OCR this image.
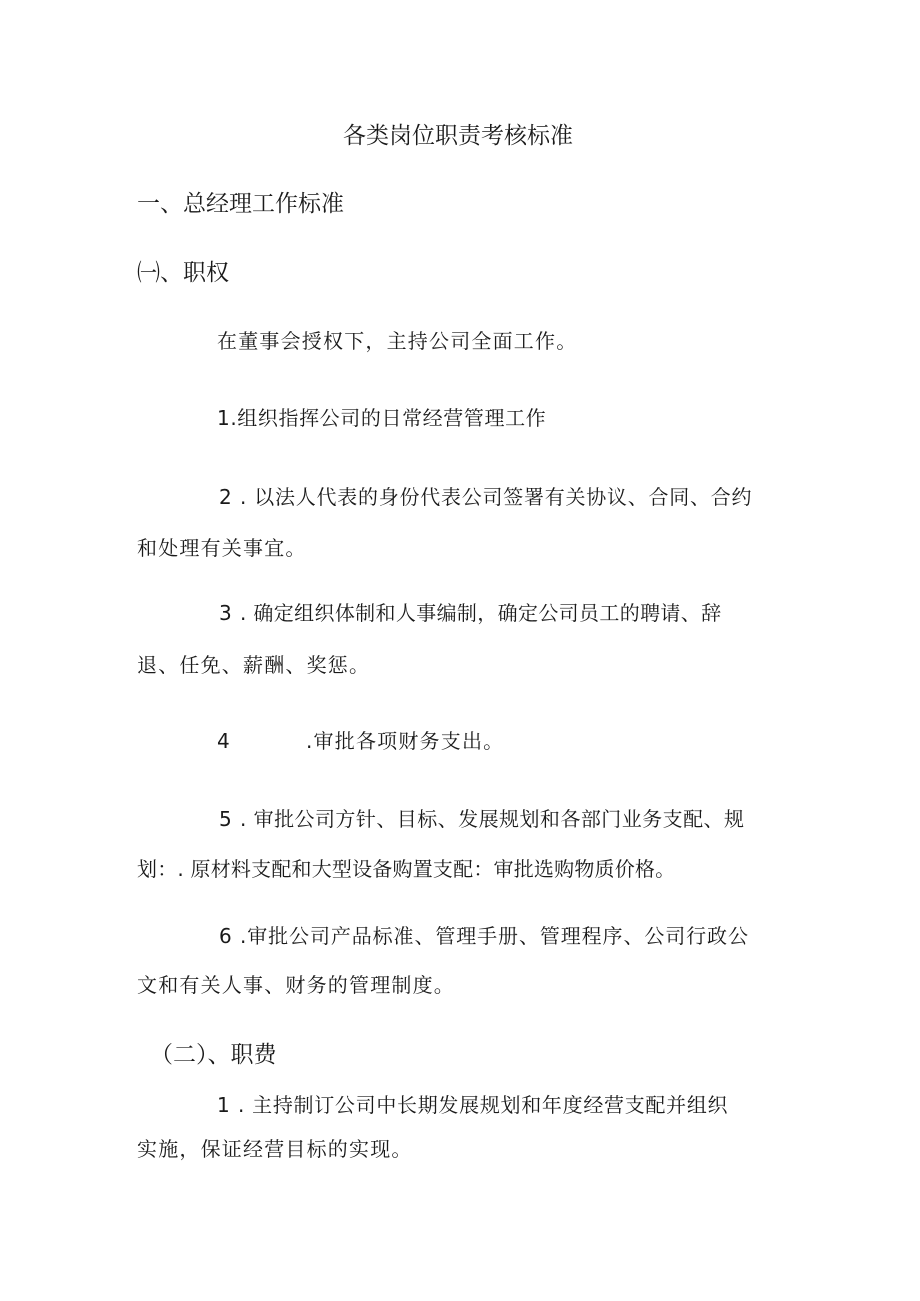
各类岗位职责考核标准
一、总经理工作标准
㈠、职权
在董事会授权下，主持公司全面工作。
1.组织指挥公司的日常经营管理工作
2 . 以法人代表的身份代表公司签署有关协议、合同、合约
和处理有关事宜。
3 . 确定组织体制和人事编制，确定公司员工的聘请、辞
退、任免、薪酬、奖惩。
4	.审批各项财务支出。
5 . 审批公司方针、目标、发展规划和各部门业务支配、规
划：. 原材料支配和大型设备购置支配：审批选购物质价格。
6 .审批公司产品标准、管理手册、管理程序、公司行政公
文和有关人事、财务的管理制度。
（二）、职费
1 . 主持制订公司中长期发展规划和年度经营支配并组织
实施，保证经营目标的实现。
